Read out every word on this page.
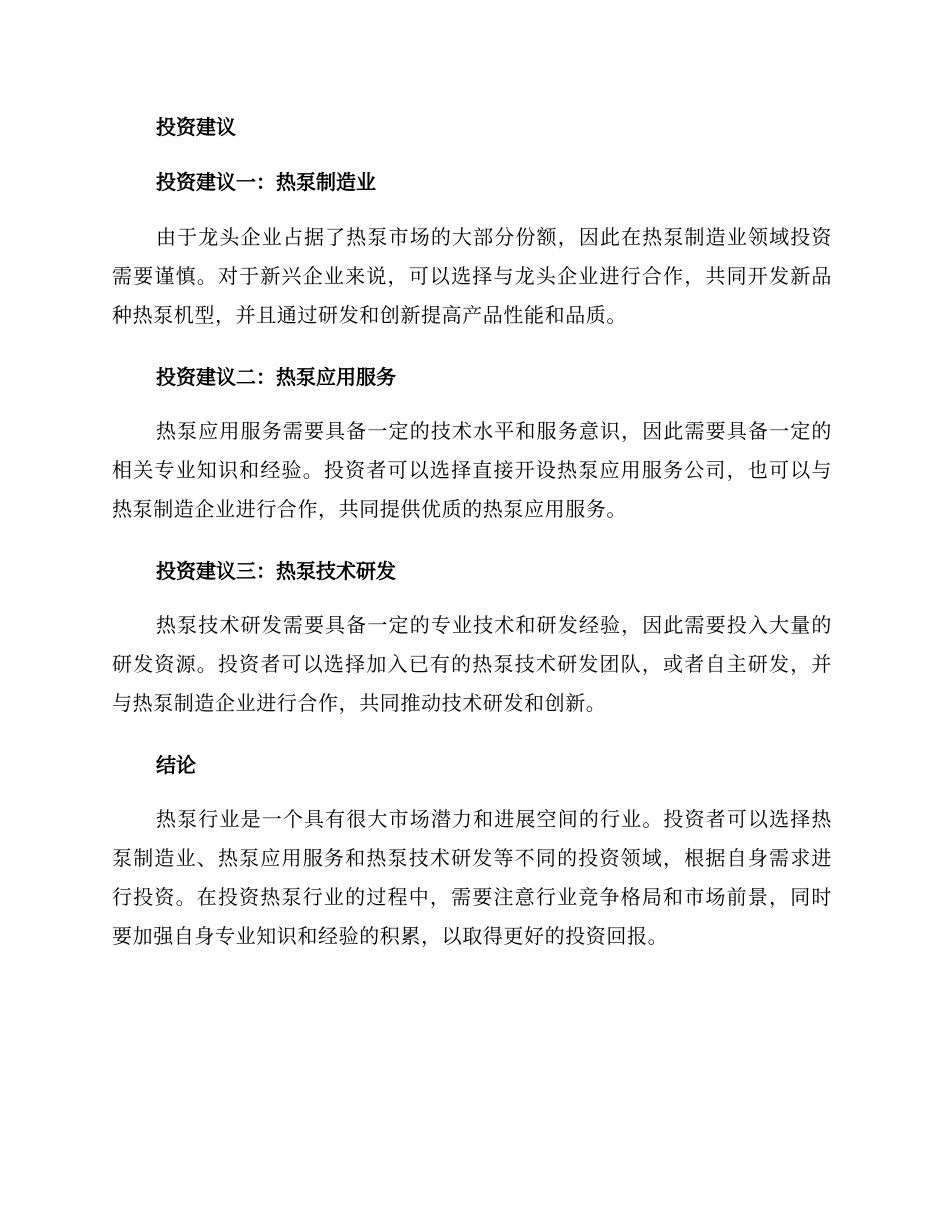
投资建议
投资建议一：热泵制造业

由于龙头企业占据了热泵市场的大部分份额，因此在热泵制造业领域投资需要谨慎。对于新兴企业来说，可以选择与龙头企业进行合作，共同开发新品种热泵机型，并且通过研发和创新提高产品性能和品质。

投资建议二：热泵应用服务

热泵应用服务需要具备一定的技术水平和服务意识，因此需要具备一定的相关专业知识和经验。投资者可以选择直接开设热泵应用服务公司，也可以与热泵制造企业进行合作，共同提供优质的热泵应用服务。

投资建议三：热泵技术研发

热泵技术研发需要具备一定的专业技术和研发经验，因此需要投入大量的研发资源。投资者可以选择加入已有的热泵技术研发团队，或者自主研发，并与热泵制造企业进行合作，共同推动技术研发和创新。

结论

热泵行业是一个具有很大市场潜力和进展空间的行业。投资者可以选择热泵制造业、热泵应用服务和热泵技术研发等不同的投资领域，根据自身需求进行投资。在投资热泵行业的过程中，需要注意行业竞争格局和市场前景，同时要加强自身专业知识和经验的积累，以取得更好的投资回报。
